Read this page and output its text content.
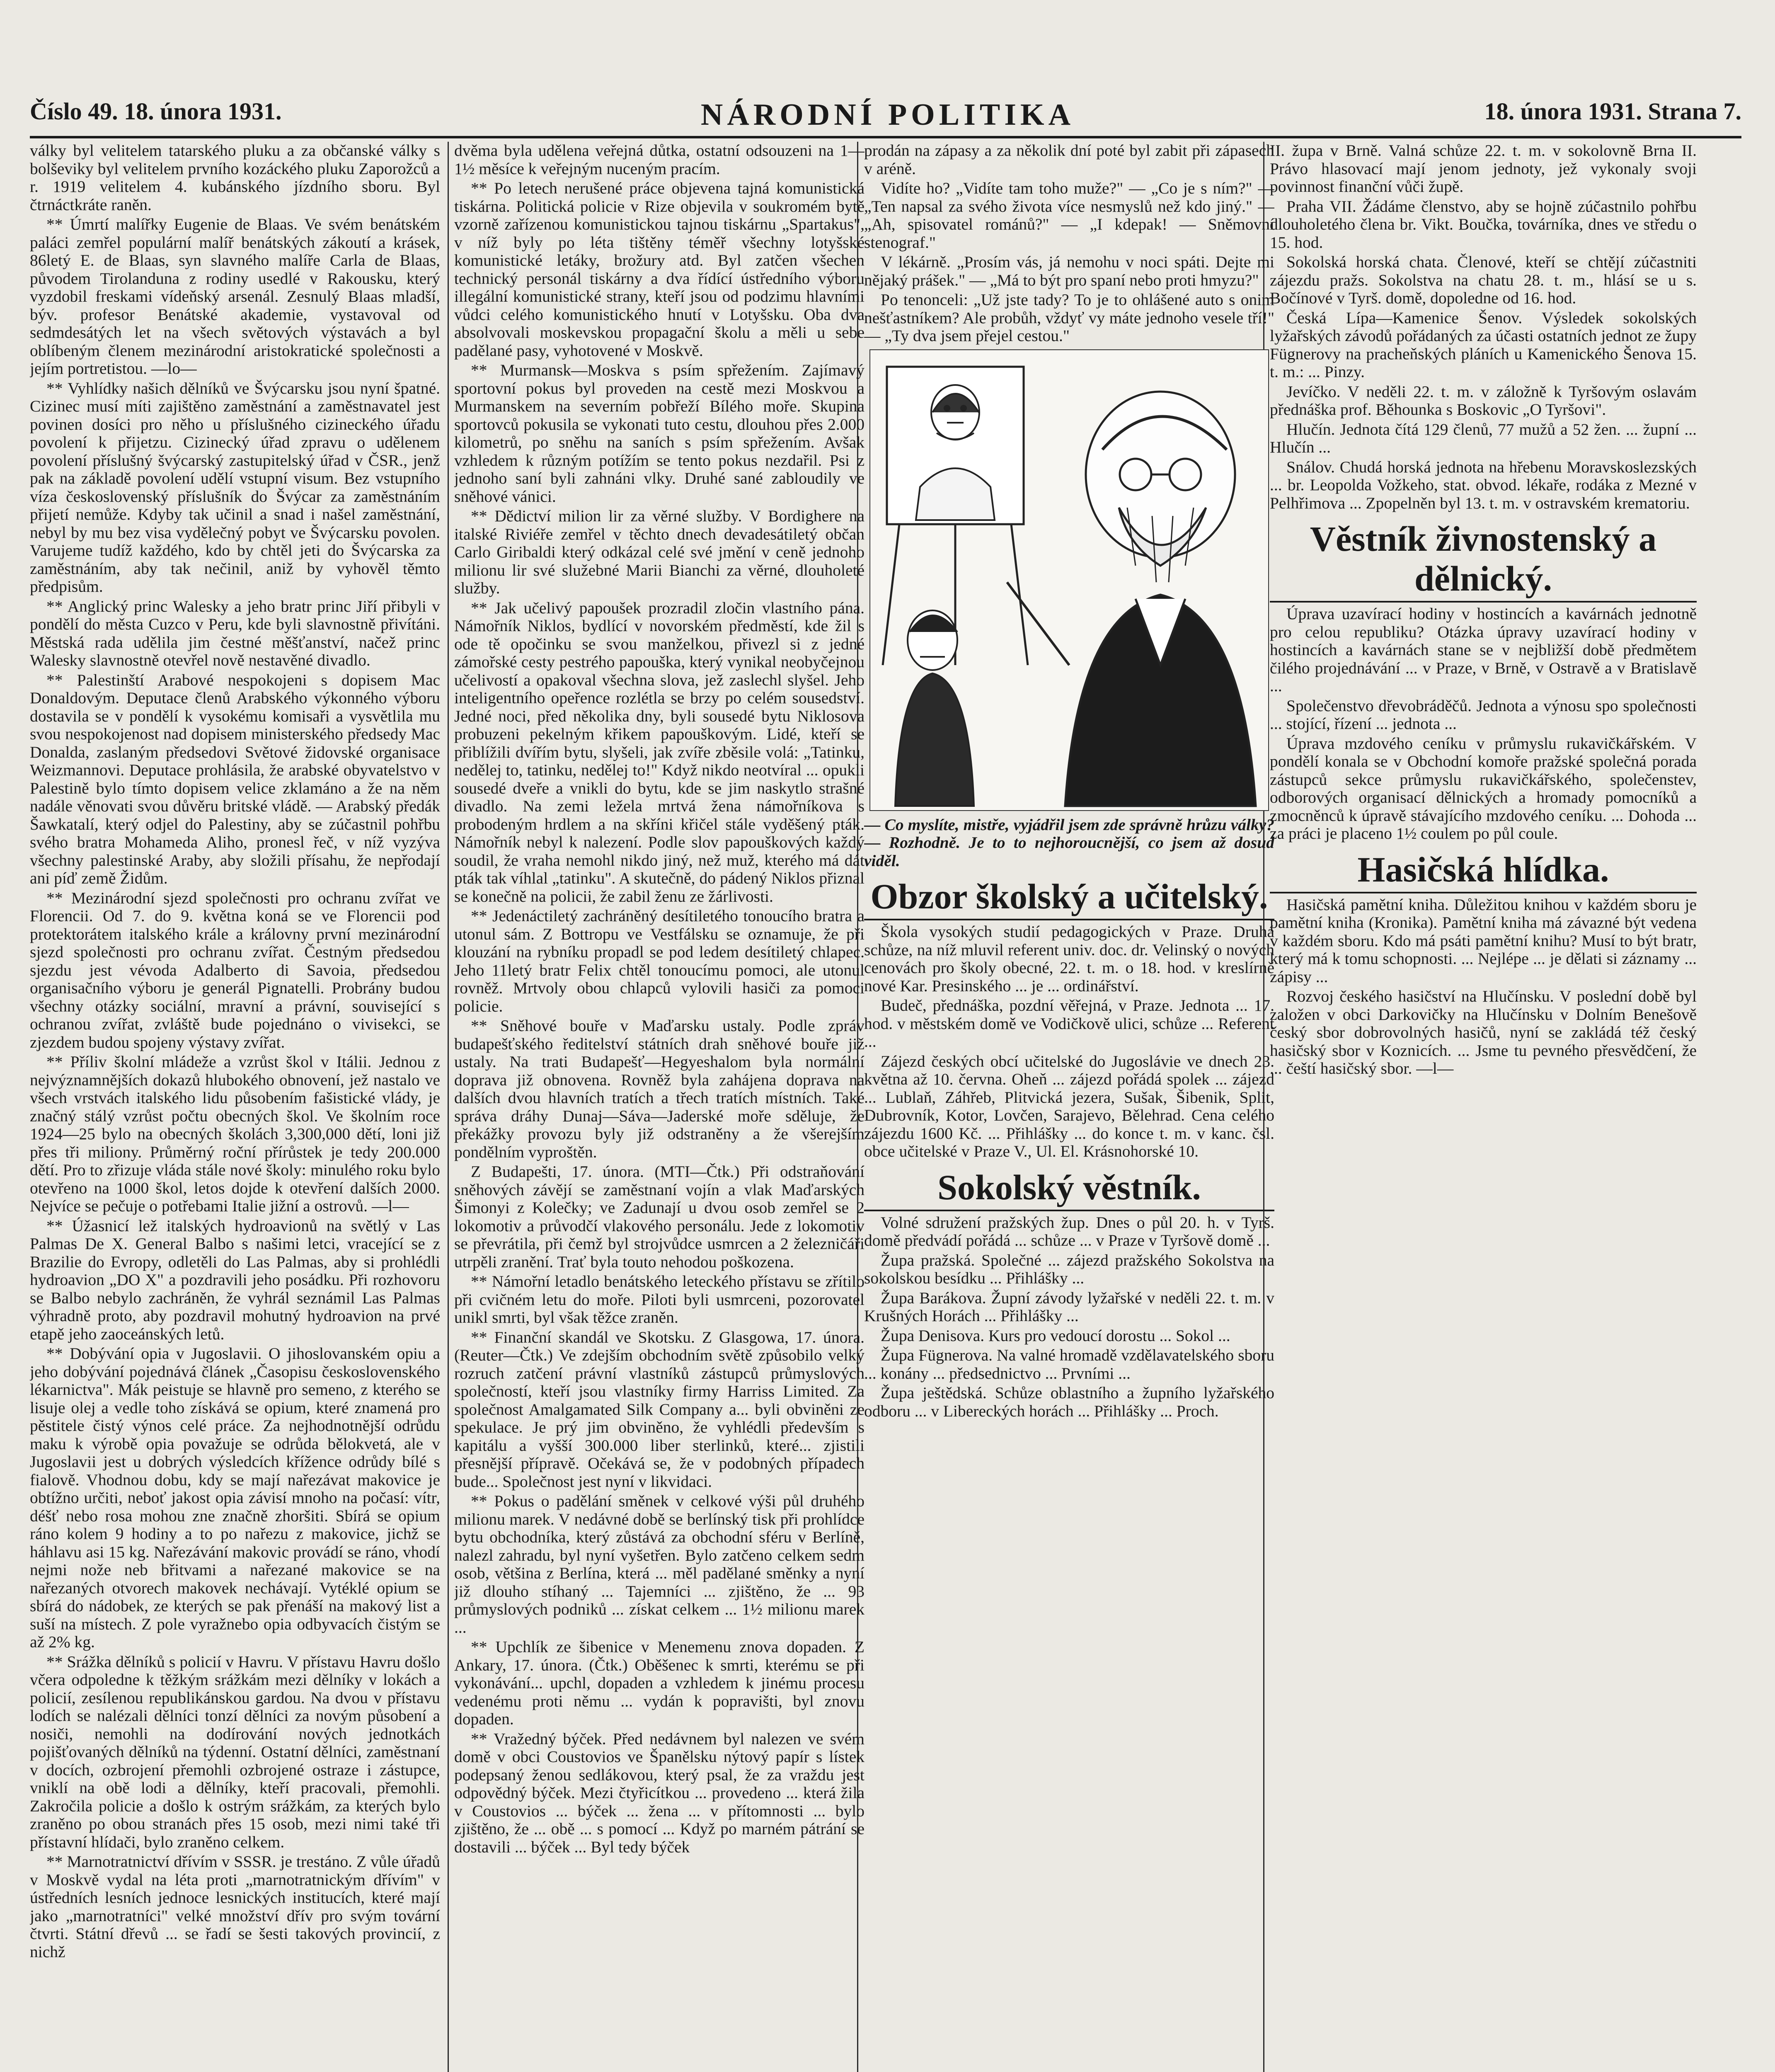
Číslo 49. 18. února 1931.	NÁRODNÍ POLITIKA	18. února 1931. Strana 7.

války byl velitelem tatarského pluku a za občanské války s bolševiky byl velitelem prvního kozáckého pluku Zaporožců a r. 1919 velitelem 4. kubánského jízdního sboru. Byl čtrnáctkráte raněn.

** Úmrtí malířky Eugenie de Blaas. Ve svém benátském paláci zemřel populární malíř benátských zákoutí a krásek, 86letý E. de Blaas, syn slavného malíře Carla de Blaas, původem Tirolanduna z rodiny usedlé v Rakousku, který vyzdobil freskami vídeňský arsenál. Zesnulý Blaas mladší, býv. profesor Benátské akademie, vystavoval od sedmdesátých let na všech světových výstavách a byl oblíbeným členem mezinárodní aristokratické společnosti a jejím portretistou. —lo—

** Vyhlídky našich dělníků ve Švýcarsku jsou nyní špatné. Cizinec musí míti zajištěno zaměstnání a zaměstnavatel jest povinen dosíci pro něho u příslušného cizineckého úřadu povolení k přijetzu. Cizinecký úřad zpravu o udělenem povolení příslušný švýcarský zastupitelský úřad v ČSR., jenž pak na základě povolení udělí vstupní visum. Bez vstupního víza československý příslušník do Švýcar za zaměstnáním přijetí nemůže. Kdyby tak učinil a snad i našel zaměstnání, nebyl by mu bez visa vydělečný pobyt ve Švýcarsku povolen. Varujeme tudíž každého, kdo by chtěl jeti do Švýcarska za zaměstnáním, aby tak nečinil, aniž by vyhověl těmto předpisům.

** Anglický princ Walesky a jeho bratr princ Jiří přibyli v pondělí do města Cuzco v Peru, kde byli slavnostně přivítáni. Městská rada udělila jim čestné měšťanství, načež princ Walesky slavnostně otevřel nově nestavěné divadlo.

** Palestinští Arabové nespokojeni s dopisem Mac Donaldovým. Deputace členů Arabského výkonného výboru dostavila se v pondělí k vysokému komisaři a vysvětlila mu svou nespokojenost nad dopisem ministerského předsedy Mac Donalda, zaslaným předsedovi Světové židovské organisace Weizmannovi. Deputace prohlásila, že arabské obyvatelstvo v Palestině bylo tímto dopisem velice zklamáno a že na něm nadále věnovati svou důvěru britské vládě. — Arabský předák Šawkatalí, který odjel do Palestiny, aby se zúčastnil pohřbu svého bratra Mohameda Aliho, pronesl řeč, v níž vyzýva všechny palestinské Araby, aby složili přísahu, že nepřodají ani píď země Židům.

** Mezinárodní sjezd společnosti pro ochranu zvířat ve Florencii. Od 7. do 9. května koná se ve Florencii pod protektorátem italského krále a královny první mezinárodní sjezd společnosti pro ochranu zvířat. Čestným předsedou sjezdu jest vévoda Adalberto di Savoia, předsedou organisačního výboru je generál Pignatelli. Probrány budou všechny otázky sociální, mravní a právní, související s ochranou zvířat, zvláště bude pojednáno o vivisekci, se zjezdem budou spojeny výstavy zvířat.

** Příliv školní mládeže a vzrůst škol v Itálii. Jednou z nejvýznamnějších dokazů hlubokého obnovení, jež nastalo ve všech vrstvách italského lidu působením fašistické vlády, je značný stálý vzrůst počtu obecných škol. Ve školním roce 1924—25 bylo na obecných školách 3,300,000 dětí, loni již přes tři miliony. Průměrný roční přírůstek je tedy 200.000 dětí. Pro to zřizuje vláda stále nové školy: minulého roku bylo otevřeno na 1000 škol, letos dojde k otevření dalších 2000. Nejvíce se pečuje o potřebami Italie jižní a ostrovů. —l—

** Úžasnicí lež italských hydroavionů na světlý v Las Palmas De X. General Balbo s našimi letci, vracející se z Brazilie do Evropy, odletěli do Las Palmas, aby si prohlédli hydroavion „DO X" a pozdravili jeho posádku. Při rozhovoru se Balbo nebylo zachráněn, že vyhrál seznámil Las Palmas výhradně proto, aby pozdravil mohutný hydroavion na prvé etapě jeho zaoceánských letů.

** Dobývání opia v Jugoslavii. O jihoslovanském opiu a jeho dobývání pojednává článek „Časopisu československého lékarnictva". Mák peistuje se hlavně pro semeno, z kterého se lisuje olej a vedle toho získává se opium, které znamená pro pěstitele čistý výnos celé práce. Za nejhodnotnější odrůdu maku k výrobě opia považuje se odrůda bělokvetá, ale v Jugoslavii jest u dobrých výsledcích křížence odrůdy bílé s fialově. Vhodnou dobu, kdy se mají nařezávat makovice je obtížno určiti, neboť jakost opia závisí mnoho na počasí: vítr, déšť nebo rosa mohou zne značně zhoršiti. Sbírá se opium ráno kolem 9 hodiny a to po nařezu z makovice, jichž se háhlavu asi 15 kg. Nařezávání makovic provádí se ráno, vhodí nejmi nože neb břitvami a nařezané makovice se na nařezaných otvorech makovek nechávají. Vytéklé opium se sbírá do nádobek, ze kterých se pak přenáší na makový list a suší na místech. Z pole vyražnebo opia odbyvacích čistým se až 2% kg.

** Srážka dělníků s policií v Havru. V přístavu Havru došlo včera odpoledne k těžkým srážkám mezi dělníky v lokách a policií, zesílenou republikánskou gardou. Na dvou v přístavu lodích se nalézali dělníci tonzí dělníci za novým působení a nosiči, nemohli na dodírování nových jednotkách pojišťovaných dělníků na týdenní. Ostatní dělníci, zaměstnaní v docích, ozbrojení přemohli ozbrojené ostraze i zástupce, vniklí na obě lodi a dělníky, kteří pracovali, přemohli. Zakročila policie a došlo k ostrým srážkám, za kterých bylo zraněno po obou stranách přes 15 osob, mezi nimi také tři přístavní hlídači, bylo zraněno celkem.

** Marnotratnictví dřívím v SSSR. je trestáno. Z vůle úřadů v Moskvě vydal na léta proti „marnotratnickým dřívím" v ústředních lesních jednoce lesnických institucích, které mají jako „marnotratníci" velké množství dřív pro svým tovární čtvrti. Státní dřevů ... se řadí se šesti takových provincií, z nichž

dvěma byla udělena veřejná důtka, ostatní odsouzeni na 1—1½ měsíce k veřejným nuceným pracím.

** Po letech nerušené práce objevena tajná komunistická tiskárna. Politická policie v Rize objevila v soukromém bytě vzorně zařízenou komunistickou tajnou tiskárnu „Spartakus", v níž byly po léta tištěny téměř všechny lotyšské komunistické letáky, brožury atd. Byl zatčen všechen technický personál tiskárny a dva řídící ústředního výboru illegální komunistické strany, kteří jsou od podzimu hlavními vůdci celého komunistického hnutí v Lotyšsku. Oba dva absolvovali moskevskou propagační školu a měli u sebe padělané pasy, vyhotovené v Moskvě.

** Murmansk—Moskva s psím spřežením. Zajímavý sportovní pokus byl proveden na cestě mezi Moskvou a Murmanskem na severním pobřeží Bílého moře. Skupina sportovců pokusila se vykonati tuto cestu, dlouhou přes 2.000 kilometrů, po sněhu na saních s psím spřežením. Avšak vzhledem k různým potížím se tento pokus nezdařil. Psi z jednoho saní byli zahnáni vlky. Druhé sané zabloudily ve sněhové vánici.

** Dědictví milion lir za věrné služby. V Bordighere na italské Riviéře zemřel v těchto dnech devadesátiletý občan Carlo Giribaldi který odkázal celé své jmění v ceně jednoho milionu lir své služebné Marii Bianchi za věrné, dlouholeté služby.

** Jak učelivý papoušek prozradil zločin vlastního pána. Námořník Niklos, bydlící v novorském předměstí, kde žil s ode tě opočinku se svou manželkou, přivezl si z jedné zámořské cesty pestrého papouška, který vynikal neobyčejnou učelivostí a opakoval všechna slova, jež zaslechl slyšel. Jeho inteligentního opeřence rozlétla se brzy po celém sousedství. Jedné noci, před několika dny, byli sousedé bytu Niklosova probuzeni pekelným křikem papouškovým. Lidé, kteří se přiblížili dvířím bytu, slyšeli, jak zvíře zběsile volá: „Tatinku, nedělej to, tatinku, nedělej to!" Když nikdo neotvíral ... opukli sousedé dveře a vnikli do bytu, kde se jim naskytlo strašné divadlo. Na zemi ležela mrtvá žena námořníkova s probodeným hrdlem a na skříni křičel stále vyděšený pták. Námořník nebyl k nalezení. Podle slov papouškových každý soudil, že vraha nemohl nikdo jiný, než muž, kterého má dát pták tak víhlal „tatinku". A skutečně, do pádený Niklos přiznal se konečně na policii, že zabil ženu ze žárlivosti.

** Jedenáctiletý zachráněný desítiletého tonoucího bratra a utonul sám. Z Bottropu ve Vestfálsku se oznamuje, že při klouzání na rybníku propadl se pod ledem desítiletý chlapec. Jeho 11letý bratr Felix chtěl tonoucímu pomoci, ale utonul rovněž. Mrtvoly obou chlapců vylovili hasiči za pomoci policie.

** Sněhové bouře v Maďarsku ustaly. Podle zpráv budapešťského ředitelství státních drah sněhové bouře již ustaly. Na trati Budapešť—Hegyeshalom byla normální doprava již obnovena. Rovněž byla zahájena doprava na dalších dvou hlavních tratích a třech tratích místních. Také správa dráhy Dunaj—Sáva—Jaderské moře sděluje, že překážky provozu byly již odstraněny a že všerejším pondělním vyproštěn.

Z Budapešti, 17. února. (MTI—Čtk.) Při odstraňování sněhových závějí se zaměstnaní vojín a vlak Maďarských Šimonyi z Kolečky; ve Zadunají u dvou osob zemřel se 2 lokomotiv a průvodčí vlakového personálu. Jede z lokomotiv se převrátila, při čemž byl strojvůdce usmrcen a 2 železničáři utrpěli zranění. Trať byla touto nehodou poškozena.

** Námořní letadlo benátského leteckého přístavu se zřítilo při cvičném letu do moře. Piloti byli usmrceni, pozorovatel unikl smrti, byl však těžce zraněn.

** Finanční skandál ve Skotsku. Z Glasgowa, 17. února. (Reuter—Čtk.) Ve zdejším obchodním světě způsobilo velký rozruch zatčení právní vlastníků zástupců průmyslových společností, kteří jsou vlastníky firmy Harriss Limited. Za společnost Amalgamated Silk Company a... byli obviněni ze spekulace. Je prý jim obviněno, že vyhlédli především s kapitálu a vyšší 300.000 liber sterlinků, které... zjistili přesnější přípravě. Očekává se, že v podobných případech bude... Společnost jest nyní v likvidaci.

** Pokus o padělání směnek v celkové výši půl druhého milionu marek. V nedávné době se berlínský tisk při prohlídce bytu obchodníka, který zůstává za obchodní sféru v Berlíně, nalezl zahradu, byl nyní vyšetřen. Bylo zatčeno celkem sedm osob, většina z Berlína, která ... měl padělané směnky a nyní již dlouho stíhaný ... Tajemníci ... zjištěno, že ... 93 průmyslových podniků ... získat celkem ... 1½ milionu marek ...

** Upchlík ze šibenice v Menemenu znova dopaden. Z Ankary, 17. února. (Čtk.) Oběšenec k smrti, kterému se při vykonávání... upchl, dopaden a vzhledem k jinému procesu vedenému proti němu ... vydán k popravišti, byl znovu dopaden.

** Vražedný býček. Před nedávnem byl nalezen ve svém domě v obci Coustovios ve Španělsku nýtový papír s lístek podepsaný ženou sedlákovou, který psal, že za vraždu jest odpovědný býček. Mezi čtyřicítkou ... provedeno ... která žila v Coustovios ... býček ... žena ... v přítomnosti ... bylo zjištěno, že ... obě ... s pomocí ... Když po marném pátrání se dostavili ... býček ... Byl tedy býček

prodán na zápasy a za několik dní poté byl zabit při zápasech v aréně.

Vidíte ho? „Vidíte tam toho muže?" — „Co je s ním?" — „Ten napsal za svého života více nesmyslů než kdo jiný." — „Ah, spisovatel románů?" — „I kdepak! — Sněmovní stenograf."

V lékárně. „Prosím vás, já nemohu v noci spáti. Dejte mi nějaký prášek." — „Má to být pro spaní nebo proti hmyzu?"

Po tenonceli: „Už jste tady? To je to ohlášené auto s onim nešťastníkem? Ale probůh, vždyť vy máte jednoho vesele tří!" — „Ty dva jsem přejel cestou."

— Co myslíte, mistře, vyjádřil jsem zde správně hrůzu války? — Rozhodně. Je to to nejhoroucnější, co jsem až dosud viděl.

Obzor školský a učitelský.

Škola vysokých studií pedagogických v Praze. Druhá schůze, na níž mluvil referent univ. doc. dr. Velinský o nových cenovách pro školy obecné, 22. t. m. o 18. hod. v kreslírně nové Kar. Presinského ... je ... ordinářství.

Budeč, přednáška, pozdní věřejná, v Praze. Jednota ... 17. hod. v městském domě ve Vodičkově ulici, schůze ... Referent ...

Zájezd českých obcí učitelské do Jugoslávie ve dnech 23. května až 10. června. Oheň ... zájezd pořádá spolek ... zájezd ... Lublaň, Záhřeb, Plitvická jezera, Sušak, Šibenik, Split, Dubrovník, Kotor, Lovčen, Sarajevo, Bělehrad. Cena celého zájezdu 1600 Kč. ... Přihlášky ... do konce t. m. v kanc. čsl. obce učitelské v Praze V., Ul. El. Krásnohorské 10.

Sokolský věstník.

Volné sdružení pražských žup. Dnes o půl 20. h. v Tyrš. domě předvádí pořádá ... schůze ... v Praze v Tyršově domě ...

Župa pražská. Společné ... zájezd pražského Sokolstva na sokolskou besídku ... Přihlášky ...

Župa Barákova. Župní závody lyžařské v neděli 22. t. m. v Krušných Horách ... Přihlášky ...

Župa Denisova. Kurs pro vedoucí dorostu ... Sokol ...

Župa Fügnerova. Na valné hromadě vzdělavatelského sboru ... konány ... předsednictvo ... Prvními ...

Župa ještědská. Schůze oblastního a župního lyžařského odboru ... v Libereckých horách ... Přihlášky ... Proch.

II. župa v Brně. Valná schůze 22. t. m. v sokolovně Brna II. Právo hlasovací mají jenom jednoty, jež vykonaly svoji povinnost finanční vůči župě.

Praha VII. Žádáme členstvo, aby se hojně zúčastnilo pohřbu dlouholetého člena br. Vikt. Boučka, továrníka, dnes ve středu o 15. hod.

Sokolská horská chata. Členové, kteří se chtějí zúčastniti zájezdu pražs. Sokolstva na chatu 28. t. m., hlásí se u s. Bočínové v Tyrš. domě, dopoledne od 16. hod.

Česká Lípa—Kamenice Šenov. Výsledek sokolských lyžařských závodů pořádaných za účasti ostatních jednot ze župy Fügnerovy na pracheňských pláních u Kamenického Šenova 15. t. m.: ... Pinzy.

Jevíčko. V neděli 22. t. m. v záložně k Tyršovým oslavám přednáška prof. Běhounka s Boskovic „O Tyršovi".

Hlučín. Jednota čítá 129 členů, 77 mužů a 52 žen. ... župní ... Hlučín ...

Snálov. Chudá horská jednota na hřebenu Moravskoslezských ... br. Leopolda Vožkeho, stat. obvod. lékaře, rodáka z Mezné v Pelhřimova ... Zpopelněn byl 13. t. m. v ostravském krematoriu.

Věstník živnostenský a dělnický.

Úprava uzavírací hodiny v hostincích a kavárnách jednotně pro celou republiku? Otázka úpravy uzavírací hodiny v hostincích a kavárnách stane se v nejbližší době předmětem čilého projednávání ... v Praze, v Brně, v Ostravě a v Bratislavě ...

Společenstvo dřevobráděčů. Jednota a výnosu spo společnosti ... stojící, řízení ... jednota ...

Úprava mzdového ceníku v průmyslu rukavičkářském. V pondělí konala se v Obchodní komoře pražské společná porada zástupců sekce průmyslu rukavičkářského, společenstev, odborových organisací dělnických a hromady pomocníků a zmocněnců k úpravě stávajícího mzdového ceníku. ... Dohoda ... za práci je placeno 1½ coulem po půl coule.

Hasičská hlídka.

Hasičská pamětní kniha. Důležitou knihou v každém sboru je pamětní kniha (Kronika). Pamětní kniha má závazné být vedena v každém sboru. Kdo má psáti pamětní knihu? Musí to být bratr, který má k tomu schopnosti. ... Nejlépe ... je dělati si záznamy ... zápisy ...

Rozvoj českého hasičství na Hlučínsku. V poslední době byl založen v obci Darkovičky na Hlučínsku v Dolním Benešově český sbor dobrovolných hasičů, nyní se zakládá též český hasičský sbor v Koznicích. ... Jsme tu pevného přesvědčení, že ... čeští hasičský sbor. —l—
